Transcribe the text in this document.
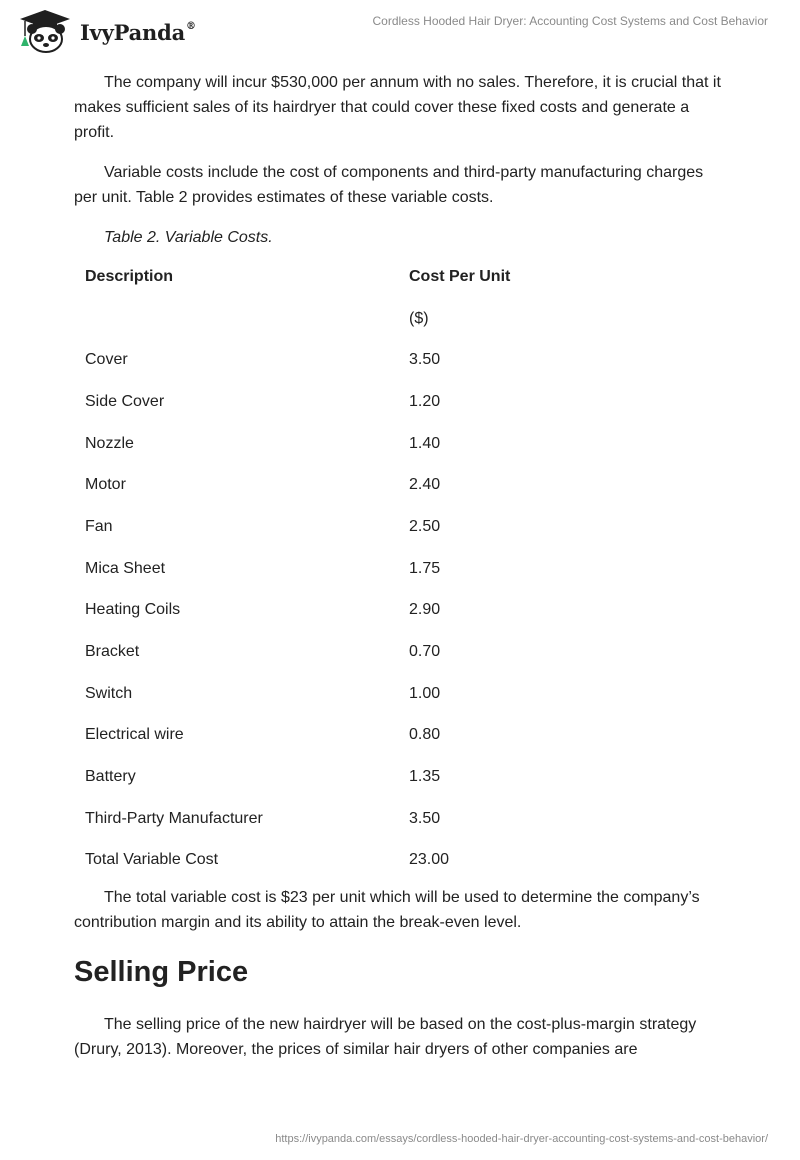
IvyPanda®	Cordless Hooded Hair Dryer: Accounting Cost Systems and Cost Behavior

The company will incur $530,000 per annum with no sales. Therefore, it is crucial that it makes sufficient sales of its hairdryer that could cover these fixed costs and generate a profit.

Variable costs include the cost of components and third-party manufacturing charges per unit. Table 2 provides estimates of these variable costs.

Table 2. Variable Costs.
Description	Cost Per Unit
	($)
Cover	3.50
Side Cover	1.20
Nozzle	1.40
Motor	2.40
Fan	2.50
Mica Sheet	1.75
Heating Coils	2.90
Bracket	0.70
Switch	1.00
Electrical wire	0.80
Battery	1.35
Third-Party Manufacturer	3.50
Total Variable Cost	23.00

The total variable cost is $23 per unit which will be used to determine the company’s contribution margin and its ability to attain the break-even level.

Selling Price

The selling price of the new hairdryer will be based on the cost-plus-margin strategy (Drury, 2013). Moreover, the prices of similar hair dryers of other companies are

https://ivypanda.com/essays/cordless-hooded-hair-dryer-accounting-cost-systems-and-cost-behavior/
